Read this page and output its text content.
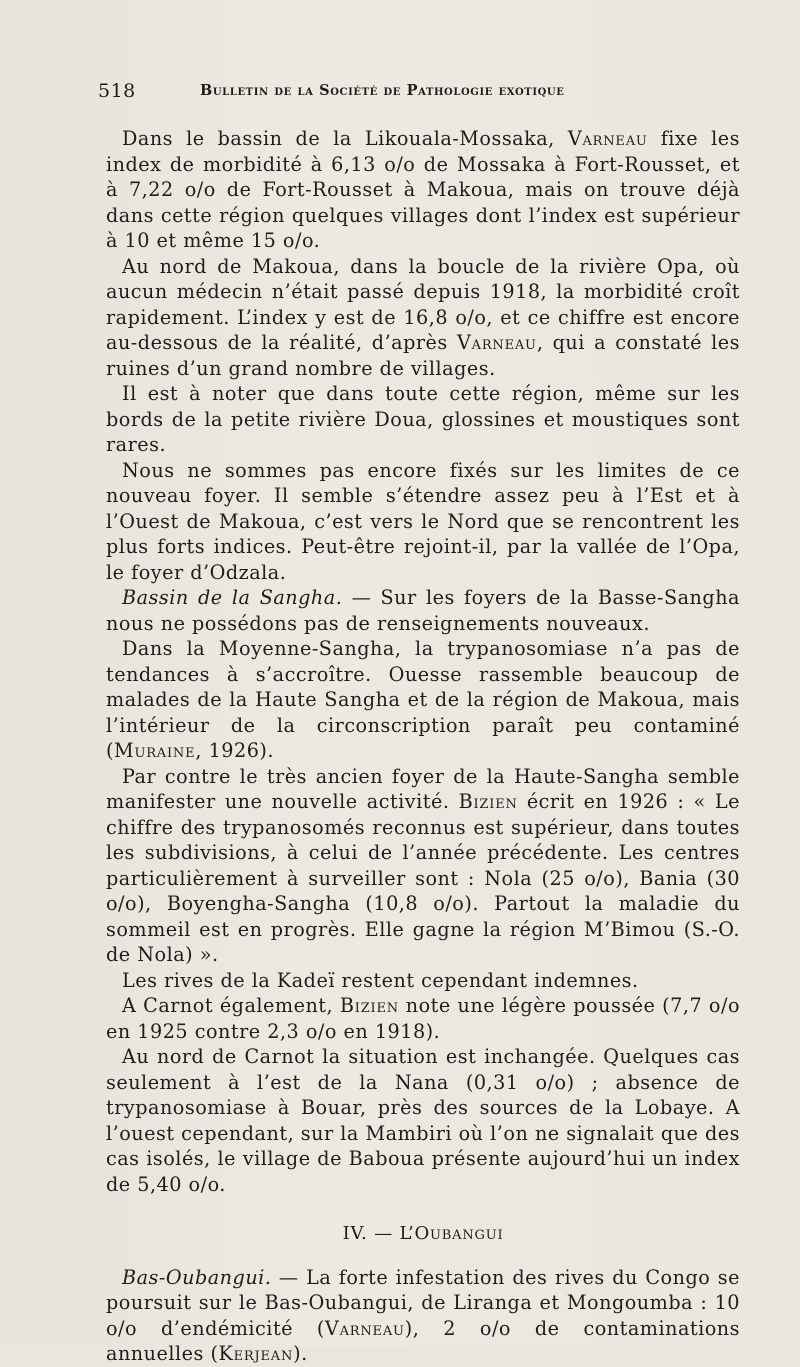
518	Bulletin de la Société de Pathologie exotique

Dans le bassin de la Likouala-Mossaka, Varneau fixe les index de morbidité à 6,13 o/o de Mossaka à Fort-Rousset, et à 7,22 o/o de Fort-Rousset à Makoua, mais on trouve déjà dans cette région quelques villages dont l’index est supérieur à 10 et même 15 o/o.

Au nord de Makoua, dans la boucle de la rivière Opa, où aucun médecin n’était passé depuis 1918, la morbidité croît rapidement. L’index y est de 16,8 o/o, et ce chiffre est encore au-dessous de la réalité, d’après Varneau, qui a constaté les ruines d’un grand nombre de villages.

Il est à noter que dans toute cette région, même sur les bords de la petite rivière Doua, glossines et moustiques sont rares.

Nous ne sommes pas encore fixés sur les limites de ce nouveau foyer. Il semble s’étendre assez peu à l’Est et à l’Ouest de Makoua, c’est vers le Nord que se rencontrent les plus forts indices. Peut-être rejoint-il, par la vallée de l’Opa, le foyer d’Odzala.

Bassin de la Sangha. — Sur les foyers de la Basse-Sangha nous ne possédons pas de renseignements nouveaux.

Dans la Moyenne-Sangha, la trypanosomiase n’a pas de tendances à s’accroître. Ouesse rassemble beaucoup de malades de la Haute Sangha et de la région de Makoua, mais l’intérieur de la circonscription paraît peu contaminé (Muraine, 1926).

Par contre le très ancien foyer de la Haute-Sangha semble manifester une nouvelle activité. Bizien écrit en 1926 : « Le chiffre des trypanosomés reconnus est supérieur, dans toutes les subdivisions, à celui de l’année précédente. Les centres particulièrement à surveiller sont : Nola (25 o/o), Bania (30 o/o), Boyengha-Sangha (10,8 o/o). Partout la maladie du sommeil est en progrès. Elle gagne la région M’Bimou (S.-O. de Nola) ».

Les rives de la Kadeï restent cependant indemnes.

A Carnot également, Bizien note une légère poussée (7,7 o/o en 1925 contre 2,3 o/o en 1918).

Au nord de Carnot la situation est inchangée. Quelques cas seulement à l’est de la Nana (0,31 o/o) ; absence de trypanosomiase à Bouar, près des sources de la Lobaye. A l’ouest cependant, sur la Mambiri où l’on ne signalait que des cas isolés, le village de Baboua présente aujourd’hui un index de 5,40 o/o.

IV. — L’Oubangui

Bas-Oubangui. — La forte infestation des rives du Congo se poursuit sur le Bas-Oubangui, de Liranga et Mongoumba : 10 o/o d’endémicité (Varneau), 2 o/o de contaminations annuelles (Kerjean).
